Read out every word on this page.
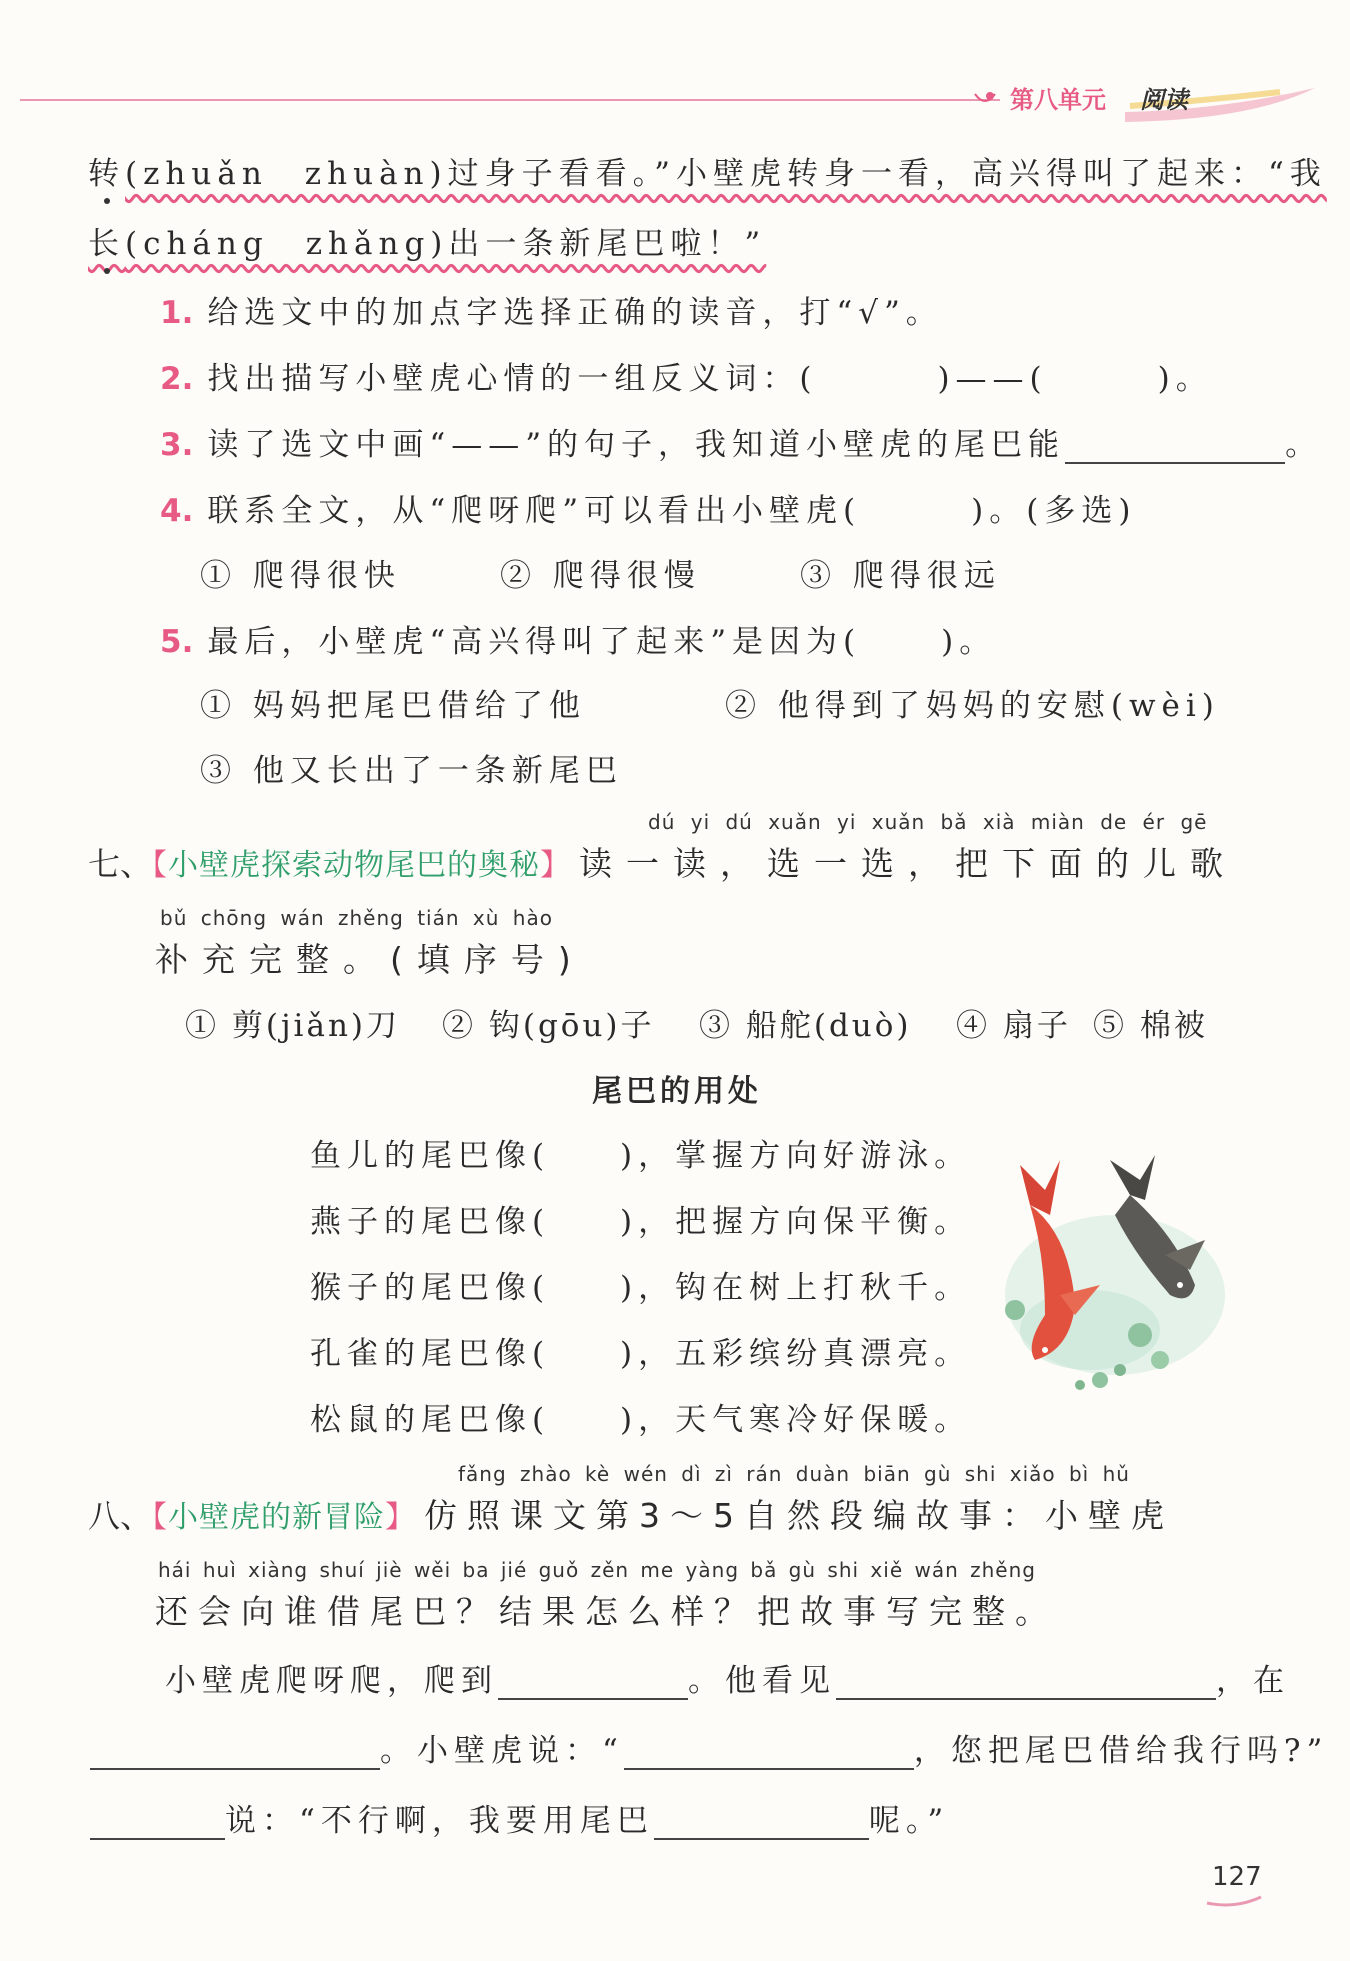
第八单元 阅读
转(zhuǎn　zhuàn)过身子看看。”小壁虎转身一看，高兴得叫了起来：“我
长(cháng　zhǎng)出一条新尾巴啦！”
1. 给选文中的加点字选择正确的读音，打“√”。
2. 找出描写小壁虎心情的一组反义词：(	)——(	)。
3. 读了选文中画“——”的句子，我知道小壁虎的尾巴能	。
4. 联系全文，从“爬呀爬”可以看出小壁虎(	)。(多选)
① 爬得很快	② 爬得很慢	③ 爬得很远
5. 最后，小壁虎“高兴得叫了起来”是因为(	)。
① 妈妈把尾巴借给了他	② 他得到了妈妈的安慰(wèi)
③ 他又长出了一条新尾巴
dú yi dú xuǎn yi xuǎn bǎ xià miàn de ér gē
七、【小壁虎探索动物尾巴的奥秘】 读一读，选一选，把下面的儿歌
bǔ chōng wán zhěng tián xù hào
补充完整。(填序号)
① 剪(jiǎn)刀 ② 钩(gōu)子 ③ 船舵(duò) ④ 扇子 ⑤ 棉被
尾巴的用处
鱼儿的尾巴像( )，掌握方向好游泳。
燕子的尾巴像( )，把握方向保平衡。
猴子的尾巴像( )，钩在树上打秋千。
孔雀的尾巴像( )，五彩缤纷真漂亮。
松鼠的尾巴像( )，天气寒冷好保暖。
fǎng zhào kè wén dì zì rán duàn biān gù shi xiǎo bì hǔ
八、【小壁虎的新冒险】 仿照课文第3～5自然段编故事：小壁虎
hái huì xiàng shuí jiè wěi ba jié guǒ zěn me yàng bǎ gù shi xiě wán zhěng
还会向谁借尾巴？结果怎么样？把故事写完整。
小壁虎爬呀爬，爬到	。他看见	，在
。小壁虎说：“	，您把尾巴借给我行吗?”
说：“不行啊，我要用尾巴	呢。”
127
